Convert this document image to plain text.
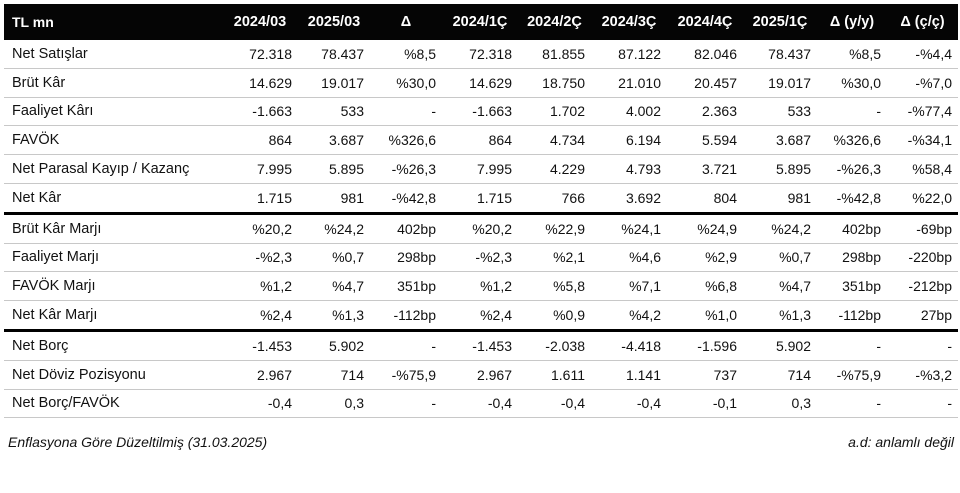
TL mn	2024/03	2025/03	Δ	2024/1Ç	2024/2Ç	2024/3Ç	2024/4Ç	2025/1Ç	Δ (y/y)	Δ (ç/ç)
Net Satışlar	72.318	78.437	%8,5	72.318	81.855	87.122	82.046	78.437	%8,5	-%4,4
Brüt Kâr	14.629	19.017	%30,0	14.629	18.750	21.010	20.457	19.017	%30,0	-%7,0
Faaliyet Kârı	-1.663	533	-	-1.663	1.702	4.002	2.363	533	-	-%77,4
FAVÖK	864	3.687	%326,6	864	4.734	6.194	5.594	3.687	%326,6	-%34,1
Net Parasal Kayıp / Kazanç	7.995	5.895	-%26,3	7.995	4.229	4.793	3.721	5.895	-%26,3	%58,4
Net Kâr	1.715	981	-%42,8	1.715	766	3.692	804	981	-%42,8	%22,0
Brüt Kâr Marjı	%20,2	%24,2	402bp	%20,2	%22,9	%24,1	%24,9	%24,2	402bp	-69bp
Faaliyet Marjı	-%2,3	%0,7	298bp	-%2,3	%2,1	%4,6	%2,9	%0,7	298bp	-220bp
FAVÖK Marjı	%1,2	%4,7	351bp	%1,2	%5,8	%7,1	%6,8	%4,7	351bp	-212bp
Net Kâr Marjı	%2,4	%1,3	-112bp	%2,4	%0,9	%4,2	%1,0	%1,3	-112bp	27bp
Net Borç	-1.453	5.902	-	-1.453	-2.038	-4.418	-1.596	5.902	-	-
Net Döviz Pozisyonu	2.967	714	-%75,9	2.967	1.611	1.141	737	714	-%75,9	-%3,2
Net Borç/FAVÖK	-0,4	0,3	-	-0,4	-0,4	-0,4	-0,1	0,3	-	-
Enflasyona Göre Düzeltilmiş (31.03.2025)	a.d: anlamlı değil
